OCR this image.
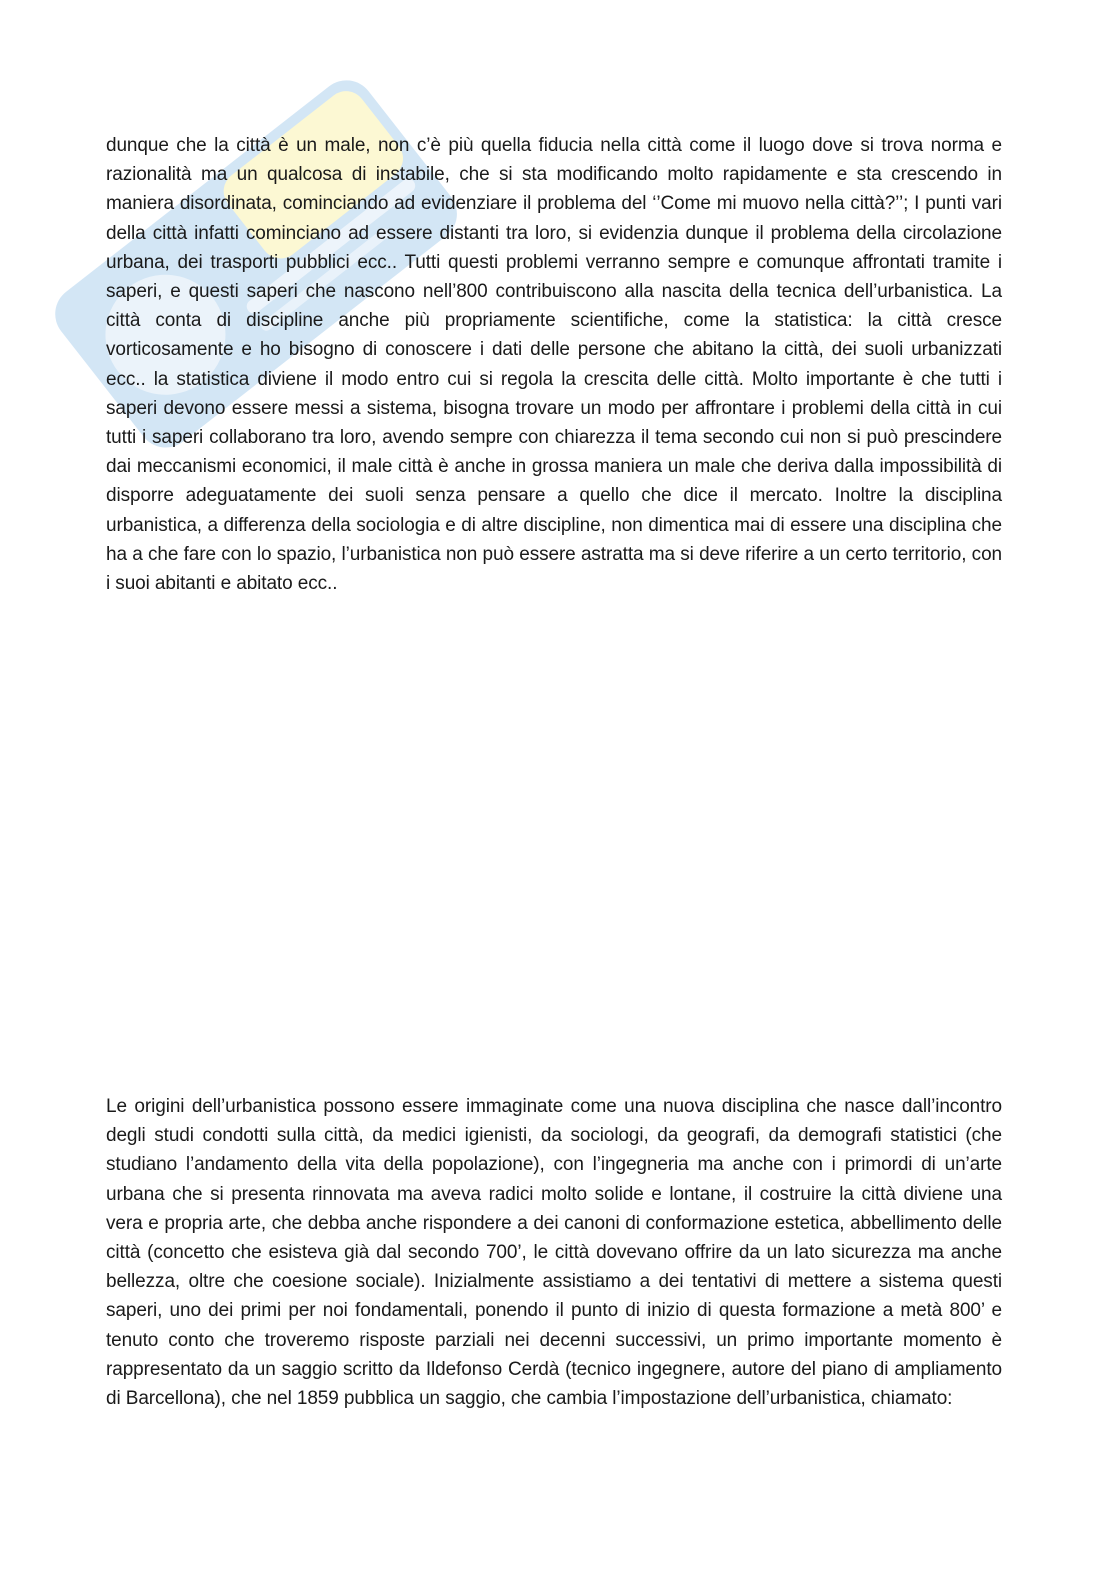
dunque che la città è un male, non c’è più quella fiducia nella città come il luogo dove si trova norma e razionalità ma un qualcosa di instabile, che si sta modificando molto rapidamente e sta crescendo in maniera disordinata, cominciando ad evidenziare il problema del ‘’Come mi muovo nella città?’’; I punti vari della città infatti cominciano ad essere distanti tra loro, si evidenzia dunque il problema della circolazione urbana, dei trasporti pubblici ecc.. Tutti questi problemi verranno sempre e comunque affrontati tramite i saperi, e questi saperi che nascono nell’800 contribuiscono alla nascita della tecnica dell’urbanistica. La città conta di discipline anche più propriamente scientifiche, come la statistica: la città cresce vorticosamente e ho bisogno di conoscere i dati delle persone che abitano la città, dei suoli urbanizzati ecc.. la statistica diviene il modo entro cui si regola la crescita delle città. Molto importante è che tutti i saperi devono essere messi a sistema, bisogna trovare un modo per affrontare i problemi della città in cui tutti i saperi collaborano tra loro, avendo sempre con chiarezza il tema secondo cui non si può prescindere dai meccanismi economici, il male città è anche in grossa maniera un male che deriva dalla impossibilità di disporre adeguatamente dei suoli senza pensare a quello che dice il mercato. Inoltre la disciplina urbanistica, a differenza della sociologia e di altre discipline, non dimentica mai di essere una disciplina che ha a che fare con lo spazio, l’urbanistica non può essere astratta ma si deve riferire a un certo territorio, con i suoi abitanti e abitato ecc..

Le origini dell’urbanistica possono essere immaginate come una nuova disciplina che nasce dall’incontro degli studi condotti sulla città, da medici igienisti, da sociologi, da geografi, da demografi statistici (che studiano l’andamento della vita della popolazione), con l’ingegneria ma anche con i primordi di un’arte urbana che si presenta rinnovata ma aveva radici molto solide e lontane, il costruire la città diviene una vera e propria arte, che debba anche rispondere a dei canoni di conformazione estetica, abbellimento delle città (concetto che esisteva già dal secondo 700’, le città dovevano offrire da un lato sicurezza ma anche bellezza, oltre che coesione sociale). Inizialmente assistiamo a dei tentativi di mettere a sistema questi saperi, uno dei primi per noi fondamentali, ponendo il punto di inizio di questa formazione a metà 800’ e tenuto conto che troveremo risposte parziali nei decenni successivi, un primo importante momento è rappresentato da un saggio scritto da Ildefonso Cerdà (tecnico ingegnere, autore del piano di ampliamento di Barcellona), che nel 1859 pubblica un saggio, che cambia l’impostazione dell’urbanistica, chiamato:
